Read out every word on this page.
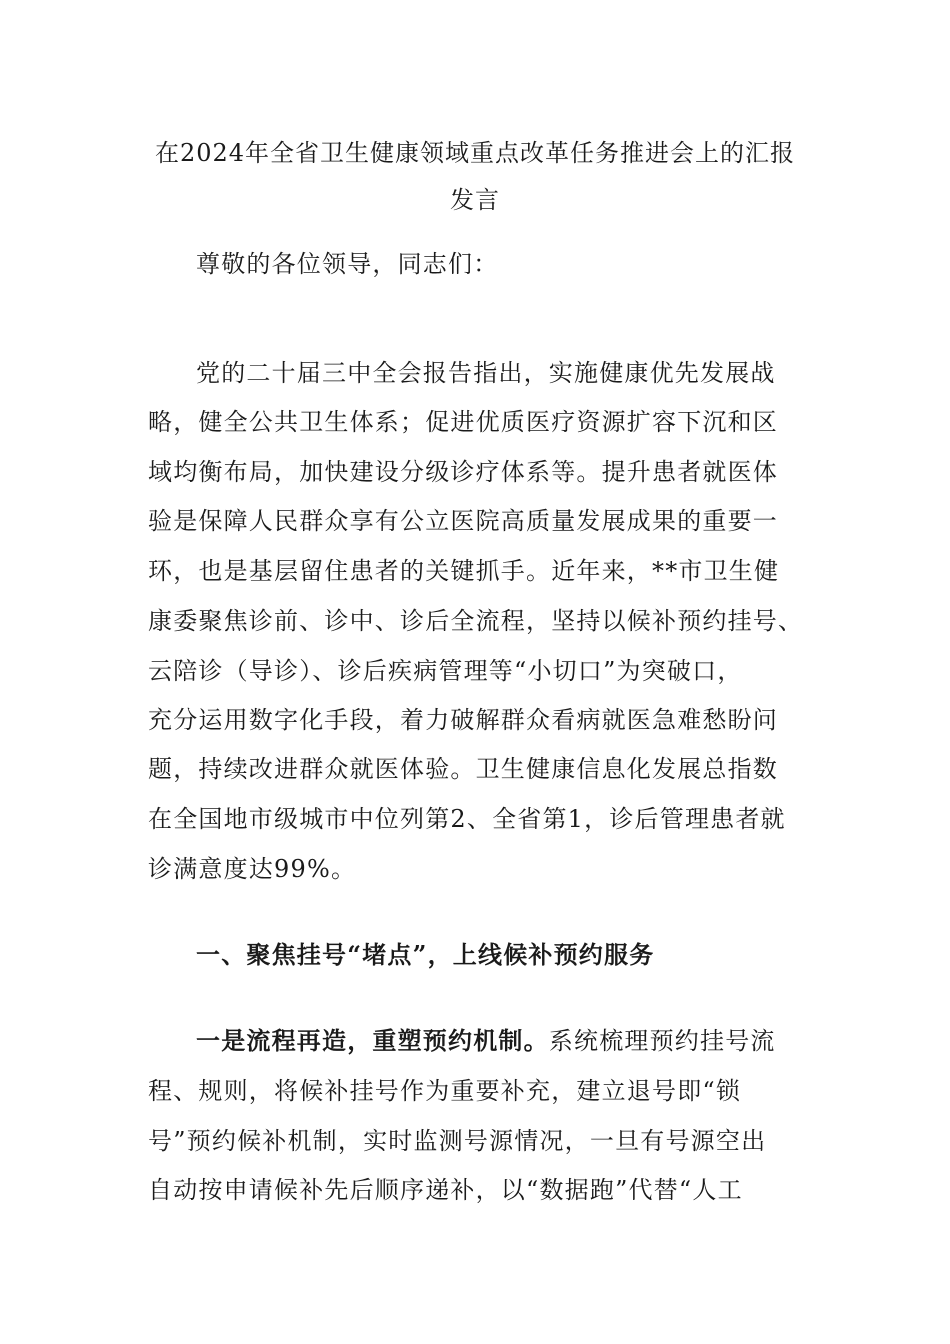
在2024年全省卫生健康领域重点改革任务推进会上的汇报
发言
尊敬的各位领导，同志们：
党的二十届三中全会报告指出，实施健康优先发展战
略，健全公共卫生体系；促进优质医疗资源扩容下沉和区
域均衡布局，加快建设分级诊疗体系等。提升患者就医体
验是保障人民群众享有公立医院高质量发展成果的重要一
环，也是基层留住患者的关键抓手。近年来，**市卫生健
康委聚焦诊前、诊中、诊后全流程，坚持以候补预约挂号、
云陪诊（导诊）、诊后疾病管理等“小切口”为突破口，
充分运用数字化手段，着力破解群众看病就医急难愁盼问
题，持续改进群众就医体验。卫生健康信息化发展总指数
在全国地市级城市中位列第2、全省第1，诊后管理患者就
诊满意度达99%。
一、聚焦挂号“堵点”，上线候补预约服务
一是流程再造，重塑预约机制。系统梳理预约挂号流
程、规则，将候补挂号作为重要补充，建立退号即“锁
号”预约候补机制，实时监测号源情况，一旦有号源空出
自动按申请候补先后顺序递补，以“数据跑”代替“人工
